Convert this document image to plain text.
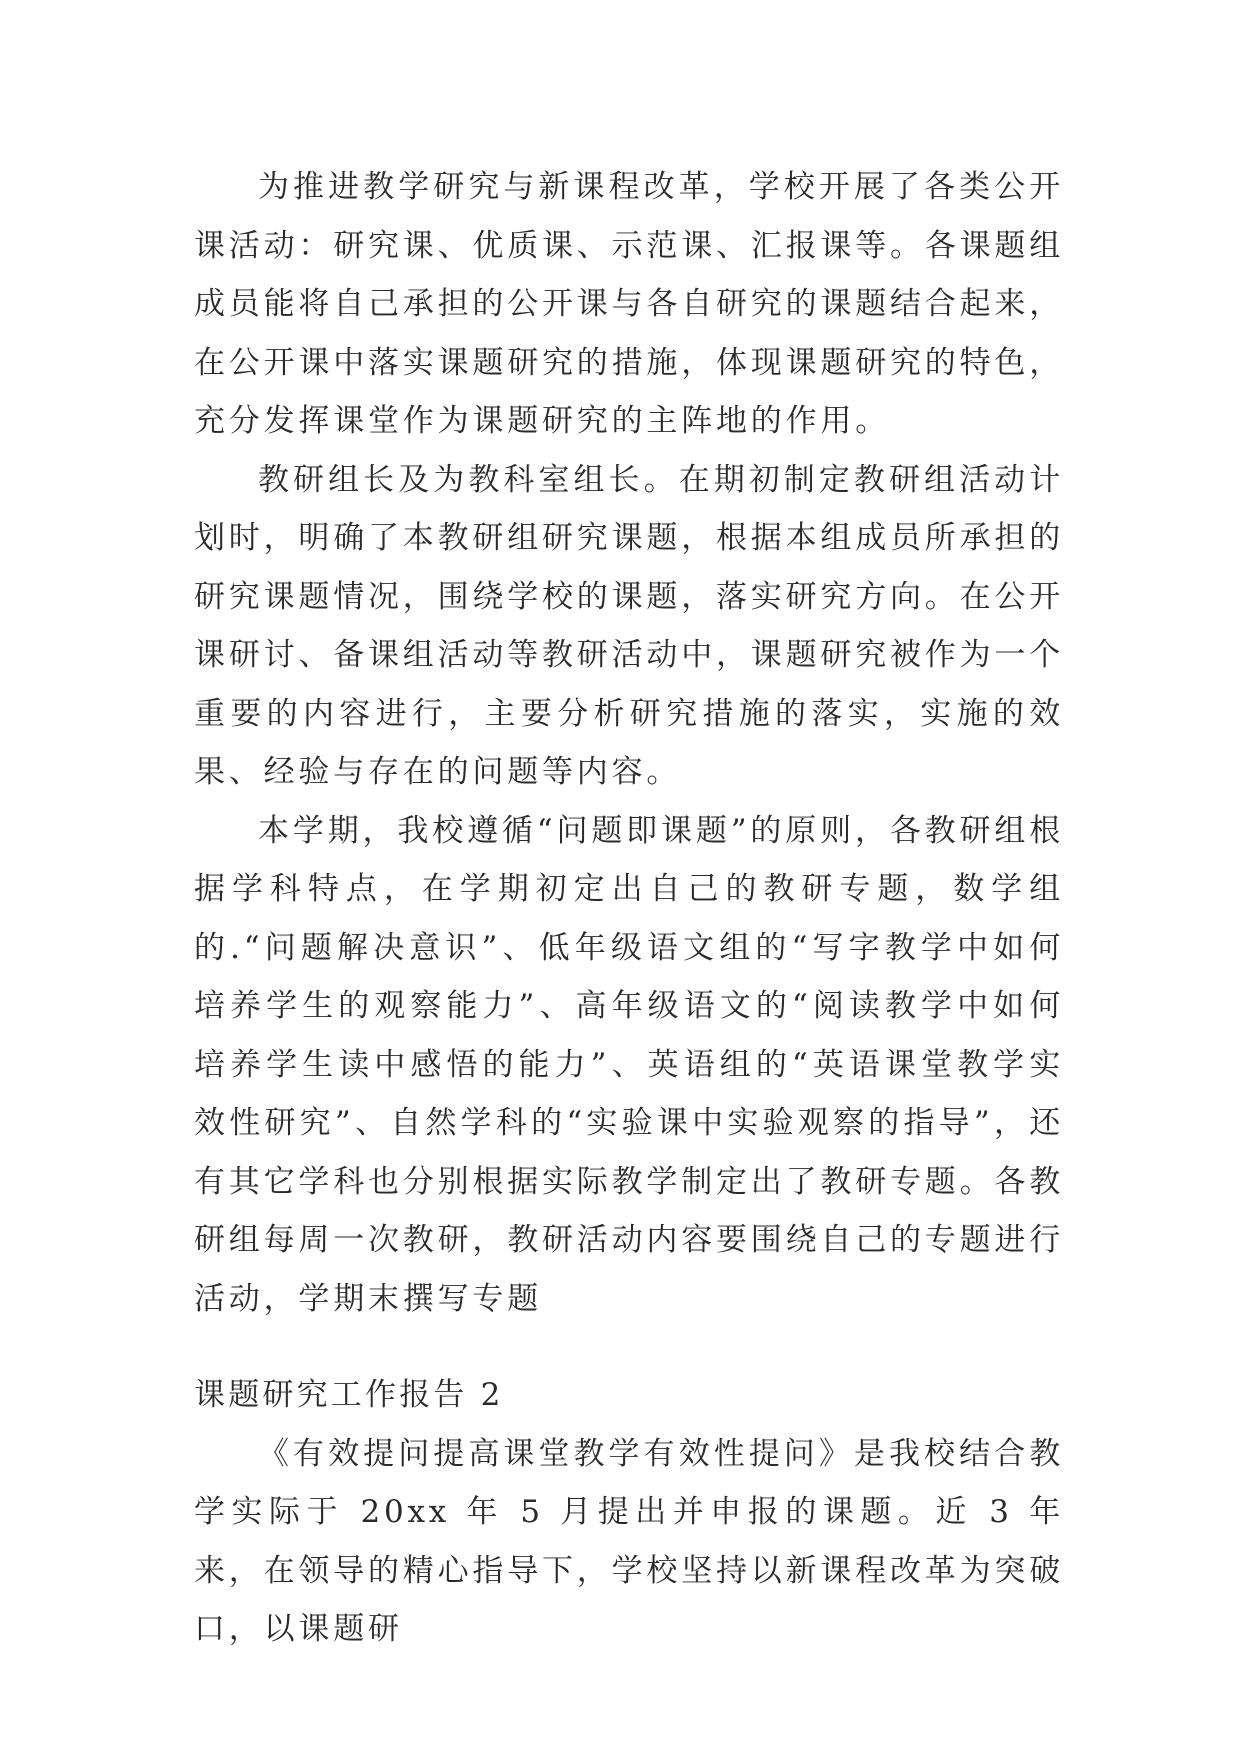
为推进教学研究与新课程改革，学校开展了各类公开课活动：研究课、优质课、示范课、汇报课等。各课题组成员能将自己承担的公开课与各自研究的课题结合起来，在公开课中落实课题研究的措施，体现课题研究的特色，充分发挥课堂作为课题研究的主阵地的作用。

教研组长及为教科室组长。在期初制定教研组活动计划时，明确了本教研组研究课题，根据本组成员所承担的研究课题情况，围绕学校的课题，落实研究方向。在公开课研讨、备课组活动等教研活动中，课题研究被作为一个重要的内容进行，主要分析研究措施的落实，实施的效果、经验与存在的问题等内容。

本学期，我校遵循“问题即课题”的原则，各教研组根据学科特点，在学期初定出自己的教研专题，数学组的.“问题解决意识”、低年级语文组的“写字教学中如何培养学生的观察能力”、高年级语文的“阅读教学中如何培养学生读中感悟的能力”、英语组的“英语课堂教学实效性研究”、自然学科的“实验课中实验观察的指导”，还有其它学科也分别根据实际教学制定出了教研专题。各教研组每周一次教研，教研活动内容要围绕自己的专题进行活动，学期末撰写专题

课题研究工作报告 2

《有效提问提高课堂教学有效性提问》是我校结合教学实际于 20xx 年 5 月提出并申报的课题。近 3 年来，在领导的精心指导下，学校坚持以新课程改革为突破口，以课题研
